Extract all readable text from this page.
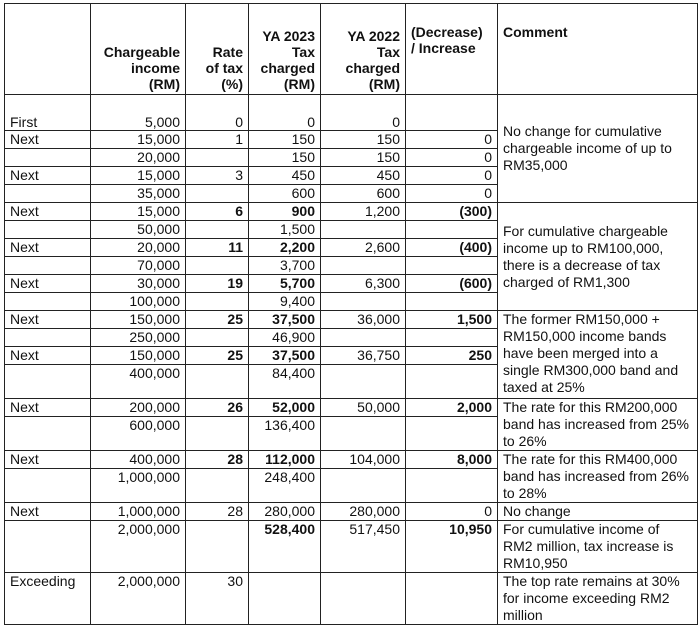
	Chargeable
income
(RM)	Rate
of tax
(%)	YA 2023
Tax
charged
(RM)	YA 2022
Tax
charged
(RM)	(Decrease)
/ Increase	Comment
First	5,000	0	0	0		No change for cumulative chargeable income of up to RM35,000
Next	15,000	1	150	150	0	
	20,000		150	150	0	
Next	15,000	3	450	450	0	
	35,000		600	600	0	
Next	15,000	6	900	1,200	(300)	For cumulative chargeable income up to RM100,000, there is a decrease of tax charged of RM1,300
	50,000		1,500			
Next	20,000	11	2,200	2,600	(400)	
	70,000		3,700			
Next	30,000	19	5,700	6,300	(600)	
	100,000		9,400			
Next	150,000	25	37,500	36,000	1,500	The former RM150,000 + RM150,000 income bands have been merged into a single RM300,000 band and taxed at 25%
	250,000		46,900			
Next	150,000	25	37,500	36,750	250	
	400,000		84,400			
Next	200,000	26	52,000	50,000	2,000	The rate for this RM200,000 band has increased from 25% to 26%
	600,000		136,400			
Next	400,000	28	112,000	104,000	8,000	The rate for this RM400,000 band has increased from 26% to 28%
	1,000,000		248,400			
Next	1,000,000	28	280,000	280,000	0	No change
	2,000,000		528,400	517,450	10,950	For cumulative income of RM2 million, tax increase is RM10,950
Exceeding	2,000,000	30				The top rate remains at 30% for income exceeding RM2 million
